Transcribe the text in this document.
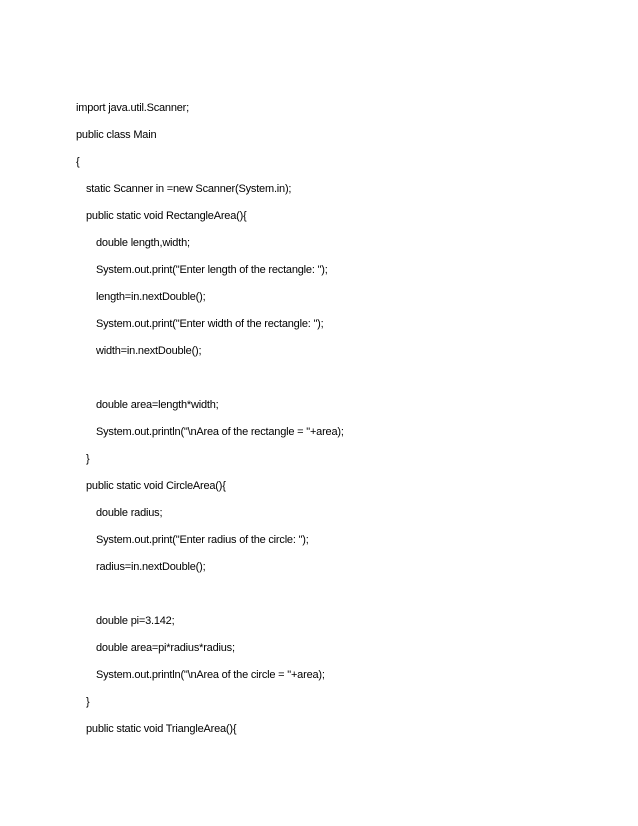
import java.util.Scanner;
public class Main
{
static Scanner in =new Scanner(System.in);
public static void RectangleArea(){
double length,width;
System.out.print("Enter length of the rectangle: ");
length=in.nextDouble();
System.out.print("Enter width of the rectangle: ");
width=in.nextDouble();
double area=length*width;
System.out.println("\nArea of the rectangle = "+area);
}
public static void CircleArea(){
double radius;
System.out.print("Enter radius of the circle: ");
radius=in.nextDouble();
double pi=3.142;
double area=pi*radius*radius;
System.out.println("\nArea of the circle = "+area);
}
public static void TriangleArea(){
